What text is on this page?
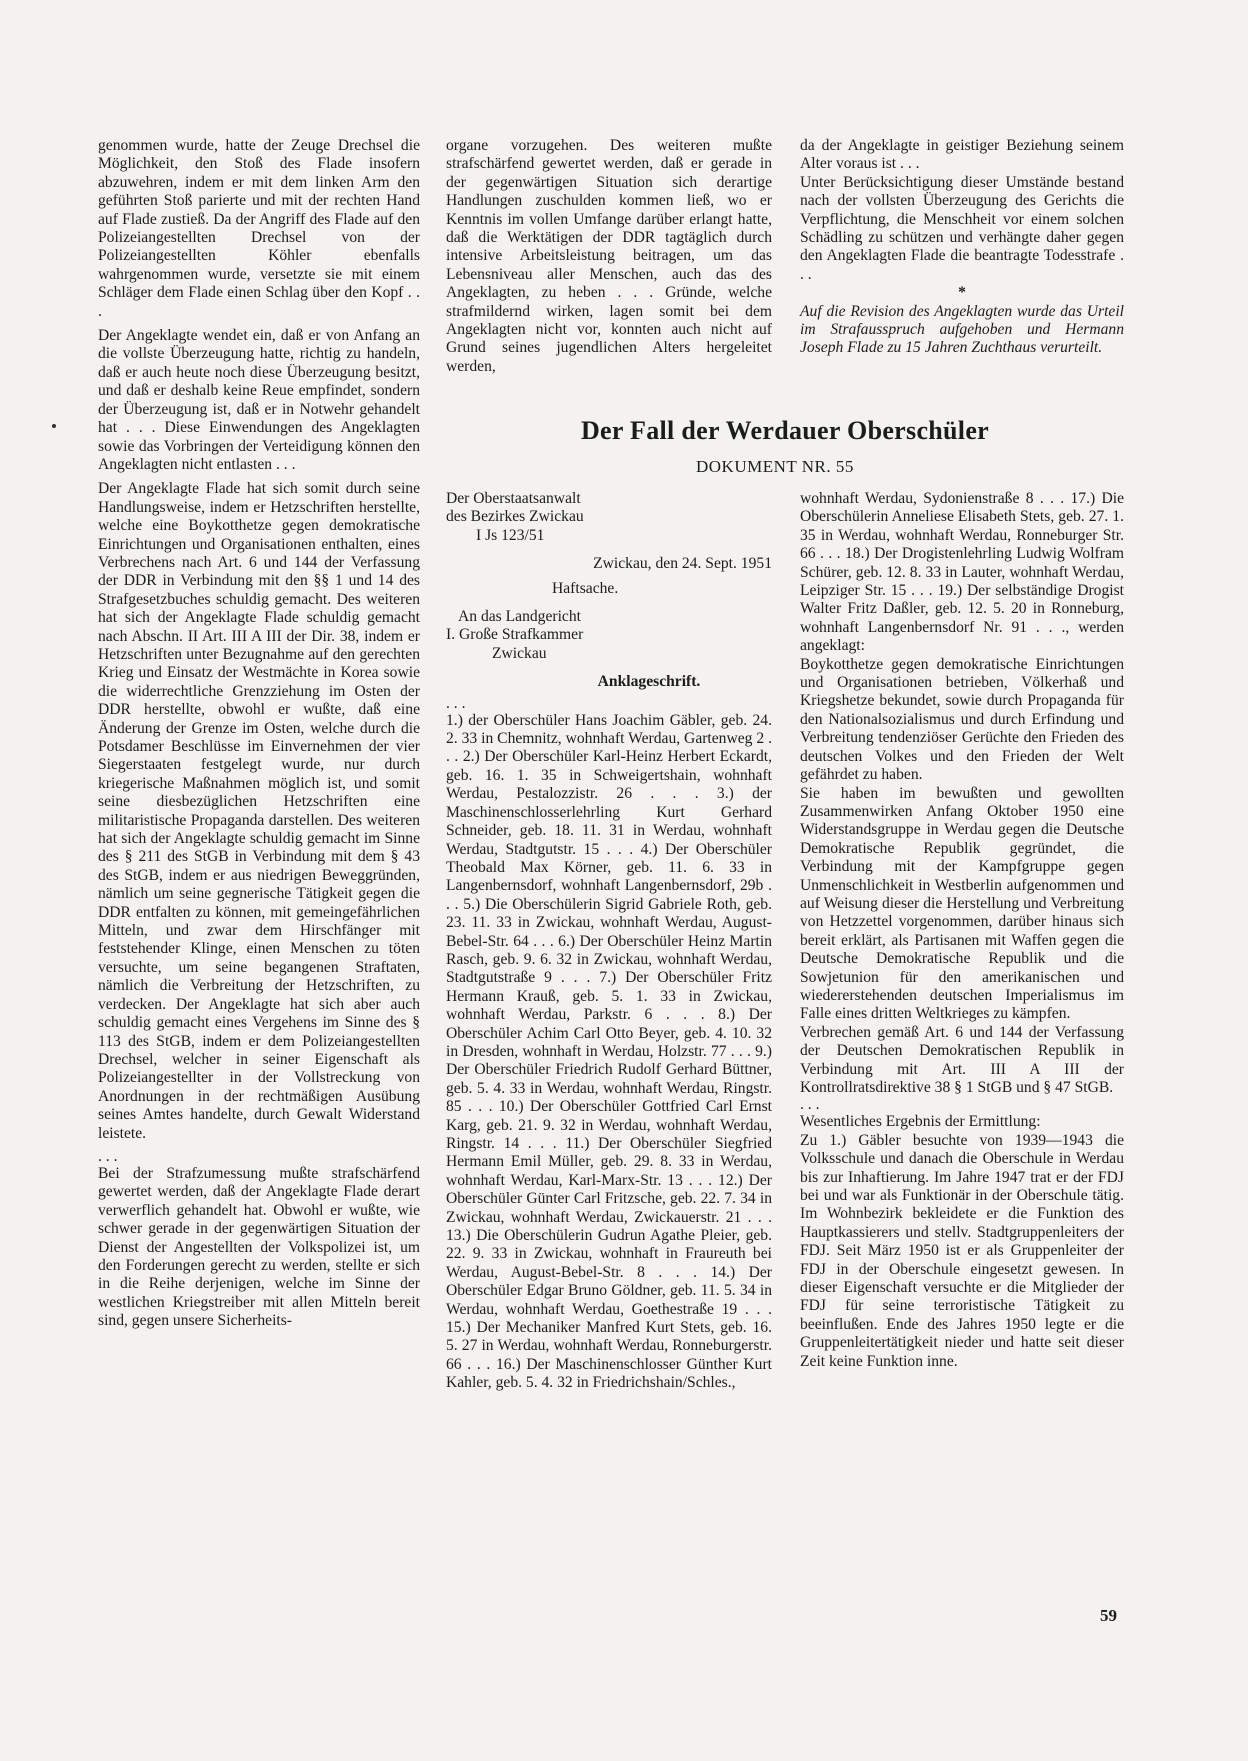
genommen wurde, hatte der Zeuge Drechsel die Möglichkeit, den Stoß des Flade insofern abzuwehren, indem er mit dem linken Arm den geführten Stoß parierte und mit der rechten Hand auf Flade zustieß. Da der Angriff des Flade auf den Polizeiangestellten Drechsel von der Polizeiangestellten Köhler ebenfalls wahrgenommen wurde, versetzte sie mit einem Schläger dem Flade einen Schlag über den Kopf . . .

Der Angeklagte wendet ein, daß er von Anfang an die vollste Überzeugung hatte, richtig zu handeln, daß er auch heute noch diese Überzeugung besitzt, und daß er deshalb keine Reue empfindet, sondern der Überzeugung ist, daß er in Notwehr gehandelt hat . . . Diese Einwendungen des Angeklagten sowie das Vorbringen der Verteidigung können den Angeklagten nicht entlasten . . .

Der Angeklagte Flade hat sich somit durch seine Handlungsweise, indem er Hetzschriften herstellte, welche eine Boykotthetze gegen demokratische Einrichtungen und Organisationen enthalten, eines Verbrechens nach Art. 6 und 144 der Verfassung der DDR in Verbindung mit den §§ 1 und 14 des Strafgesetzbuches schuldig gemacht. Des weiteren hat sich der Angeklagte Flade schuldig gemacht nach Abschn. II Art. III A III der Dir. 38, indem er Hetzschriften unter Bezugnahme auf den gerechten Krieg und Einsatz der Westmächte in Korea sowie die widerrechtliche Grenzziehung im Osten der DDR herstellte, obwohl er wußte, daß eine Änderung der Grenze im Osten, welche durch die Potsdamer Beschlüsse im Einvernehmen der vier Siegerstaaten festgelegt wurde, nur durch kriegerische Maßnahmen möglich ist, und somit seine diesbezüglichen Hetzschriften eine militaristische Propaganda darstellen. Des weiteren hat sich der Angeklagte schuldig gemacht im Sinne des § 211 des StGB in Verbindung mit dem § 43 des StGB, indem er aus niedrigen Beweggründen, nämlich um seine gegnerische Tätigkeit gegen die DDR entfalten zu können, mit gemeingefährlichen Mitteln, und zwar dem Hirschfänger mit feststehender Klinge, einen Menschen zu töten versuchte, um seine begangenen Straftaten, nämlich die Verbreitung der Hetzschriften, zu verdecken. Der Angeklagte hat sich aber auch schuldig gemacht eines Vergehens im Sinne des § 113 des StGB, indem er dem Polizeiangestellten Drechsel, welcher in seiner Eigenschaft als Polizeiangestellter in der Vollstreckung von Anordnungen in der rechtmäßigen Ausübung seines Amtes handelte, durch Gewalt Widerstand leistete.

. . .

Bei der Strafzumessung mußte strafschärfend gewertet werden, daß der Angeklagte Flade derart verwerflich gehandelt hat. Obwohl er wußte, wie schwer gerade in der gegenwärtigen Situation der Dienst der Angestellten der Volkspolizei ist, um den Forderungen gerecht zu werden, stellte er sich in die Reihe derjenigen, welche im Sinne der westlichen Kriegstreiber mit allen Mitteln bereit sind, gegen unsere Sicherheits-

organe vorzugehen. Des weiteren mußte strafschärfend gewertet werden, daß er gerade in der gegenwärtigen Situation sich derartige Handlungen zuschulden kommen ließ, wo er Kenntnis im vollen Umfange darüber erlangt hatte, daß die Werktätigen der DDR tagtäglich durch intensive Arbeitsleistung beitragen, um das Lebensniveau aller Menschen, auch das des Angeklagten, zu heben . . . Gründe, welche strafmildernd wirken, lagen somit bei dem Angeklagten nicht vor, konnten auch nicht auf Grund seines jugendlichen Alters hergeleitet werden,

da der Angeklagte in geistiger Beziehung seinem Alter voraus ist . . .

Unter Berücksichtigung dieser Umstände bestand nach der vollsten Überzeugung des Gerichts die Verpflichtung, die Menschheit vor einem solchen Schädling zu schützen und verhängte daher gegen den Angeklagten Flade die beantragte Todesstrafe . . .

*

Auf die Revision des Angeklagten wurde das Urteil im Strafausspruch aufgehoben und Hermann Joseph Flade zu 15 Jahren Zuchthaus verurteilt.

Der Fall der Werdauer Oberschüler
DOKUMENT NR. 55

Der Oberstaatsanwalt

des Bezirkes Zwickau

I Js 123/51

Zwickau, den 24. Sept. 1951

Haftsache.

An das Landgericht

I. Große Strafkammer

Zwickau

Anklageschrift.

. . .

1.) der Oberschüler Hans Joachim Gäbler, geb. 24. 2. 33 in Chemnitz, wohnhaft Werdau, Gartenweg 2 . . . 2.) Der Oberschüler Karl-Heinz Herbert Eckardt, geb. 16. 1. 35 in Schweigertshain, wohnhaft Werdau, Pestalozzistr. 26 . . . 3.) der Maschinenschlosserlehrling Kurt Gerhard Schneider, geb. 18. 11. 31 in Werdau, wohnhaft Werdau, Stadtgutstr. 15 . . . 4.) Der Oberschüler Theobald Max Körner, geb. 11. 6. 33 in Langenbernsdorf, wohnhaft Langenbernsdorf, 29b . . . 5.) Die Oberschülerin Sigrid Gabriele Roth, geb. 23. 11. 33 in Zwickau, wohnhaft Werdau, August-Bebel-Str. 64 . . . 6.) Der Oberschüler Heinz Martin Rasch, geb. 9. 6. 32 in Zwickau, wohnhaft Werdau, Stadtgutstraße 9 . . . 7.) Der Oberschüler Fritz Hermann Krauß, geb. 5. 1. 33 in Zwickau, wohnhaft Werdau, Parkstr. 6 . . . 8.) Der Oberschüler Achim Carl Otto Beyer, geb. 4. 10. 32 in Dresden, wohnhaft in Werdau, Holzstr. 77 . . . 9.) Der Oberschüler Friedrich Rudolf Gerhard Büttner, geb. 5. 4. 33 in Werdau, wohnhaft Werdau, Ringstr. 85 . . . 10.) Der Oberschüler Gottfried Carl Ernst Karg, geb. 21. 9. 32 in Werdau, wohnhaft Werdau, Ringstr. 14 . . . 11.) Der Oberschüler Siegfried Hermann Emil Müller, geb. 29. 8. 33 in Werdau, wohnhaft Werdau, Karl-Marx-Str. 13 . . . 12.) Der Oberschüler Günter Carl Fritzsche, geb. 22. 7. 34 in Zwickau, wohnhaft Werdau, Zwickauerstr. 21 . . . 13.) Die Oberschülerin Gudrun Agathe Pleier, geb. 22. 9. 33 in Zwickau, wohnhaft in Fraureuth bei Werdau, August-Bebel-Str. 8 . . . 14.) Der Oberschüler Edgar Bruno Göldner, geb. 11. 5. 34 in Werdau, wohnhaft Werdau, Goethestraße 19 . . . 15.) Der Mechaniker Manfred Kurt Stets, geb. 16. 5. 27 in Werdau, wohnhaft Werdau, Ronneburgerstr. 66 . . . 16.) Der Maschinenschlosser Günther Kurt Kahler, geb. 5. 4. 32 in Friedrichshain/Schles.,

wohnhaft Werdau, Sydonienstraße 8 . . . 17.) Die Oberschülerin Anneliese Elisabeth Stets, geb. 27. 1. 35 in Werdau, wohnhaft Werdau, Ronneburger Str. 66 . . . 18.) Der Drogistenlehrling Ludwig Wolfram Schürer, geb. 12. 8. 33 in Lauter, wohnhaft Werdau, Leipziger Str. 15 . . . 19.) Der selbständige Drogist Walter Fritz Daßler, geb. 12. 5. 20 in Ronneburg, wohnhaft Langenbernsdorf Nr. 91 . . ., werden angeklagt:

Boykotthetze gegen demokratische Einrichtungen und Organisationen betrieben, Völkerhaß und Kriegshetze bekundet, sowie durch Propaganda für den Nationalsozialismus und durch Erfindung und Verbreitung tendenziöser Gerüchte den Frieden des deutschen Volkes und den Frieden der Welt gefährdet zu haben.

Sie haben im bewußten und gewollten Zusammenwirken Anfang Oktober 1950 eine Widerstandsgruppe in Werdau gegen die Deutsche Demokratische Republik gegründet, die Verbindung mit der Kampfgruppe gegen Unmenschlichkeit in Westberlin aufgenommen und auf Weisung dieser die Herstellung und Verbreitung von Hetzzettel vorgenommen, darüber hinaus sich bereit erklärt, als Partisanen mit Waffen gegen die Deutsche Demokratische Republik und die Sowjetunion für den amerikanischen und wiedererstehenden deutschen Imperialismus im Falle eines dritten Weltkrieges zu kämpfen.

Verbrechen gemäß Art. 6 und 144 der Verfassung der Deutschen Demokratischen Republik in Verbindung mit Art. III A III der Kontrollratsdirektive 38 § 1 StGB und § 47 StGB.

. . .

Wesentliches Ergebnis der Ermittlung:

Zu 1.) Gäbler besuchte von 1939—1943 die Volksschule und danach die Oberschule in Werdau bis zur Inhaftierung. Im Jahre 1947 trat er der FDJ bei und war als Funktionär in der Oberschule tätig. Im Wohnbezirk bekleidete er die Funktion des Hauptkassierers und stellv. Stadtgruppenleiters der FDJ. Seit März 1950 ist er als Gruppenleiter der FDJ in der Oberschule eingesetzt gewesen. In dieser Eigenschaft versuchte er die Mitglieder der FDJ für seine terroristische Tätigkeit zu beeinflußen. Ende des Jahres 1950 legte er die Gruppenleitertätigkeit nieder und hatte seit dieser Zeit keine Funktion inne.

59
